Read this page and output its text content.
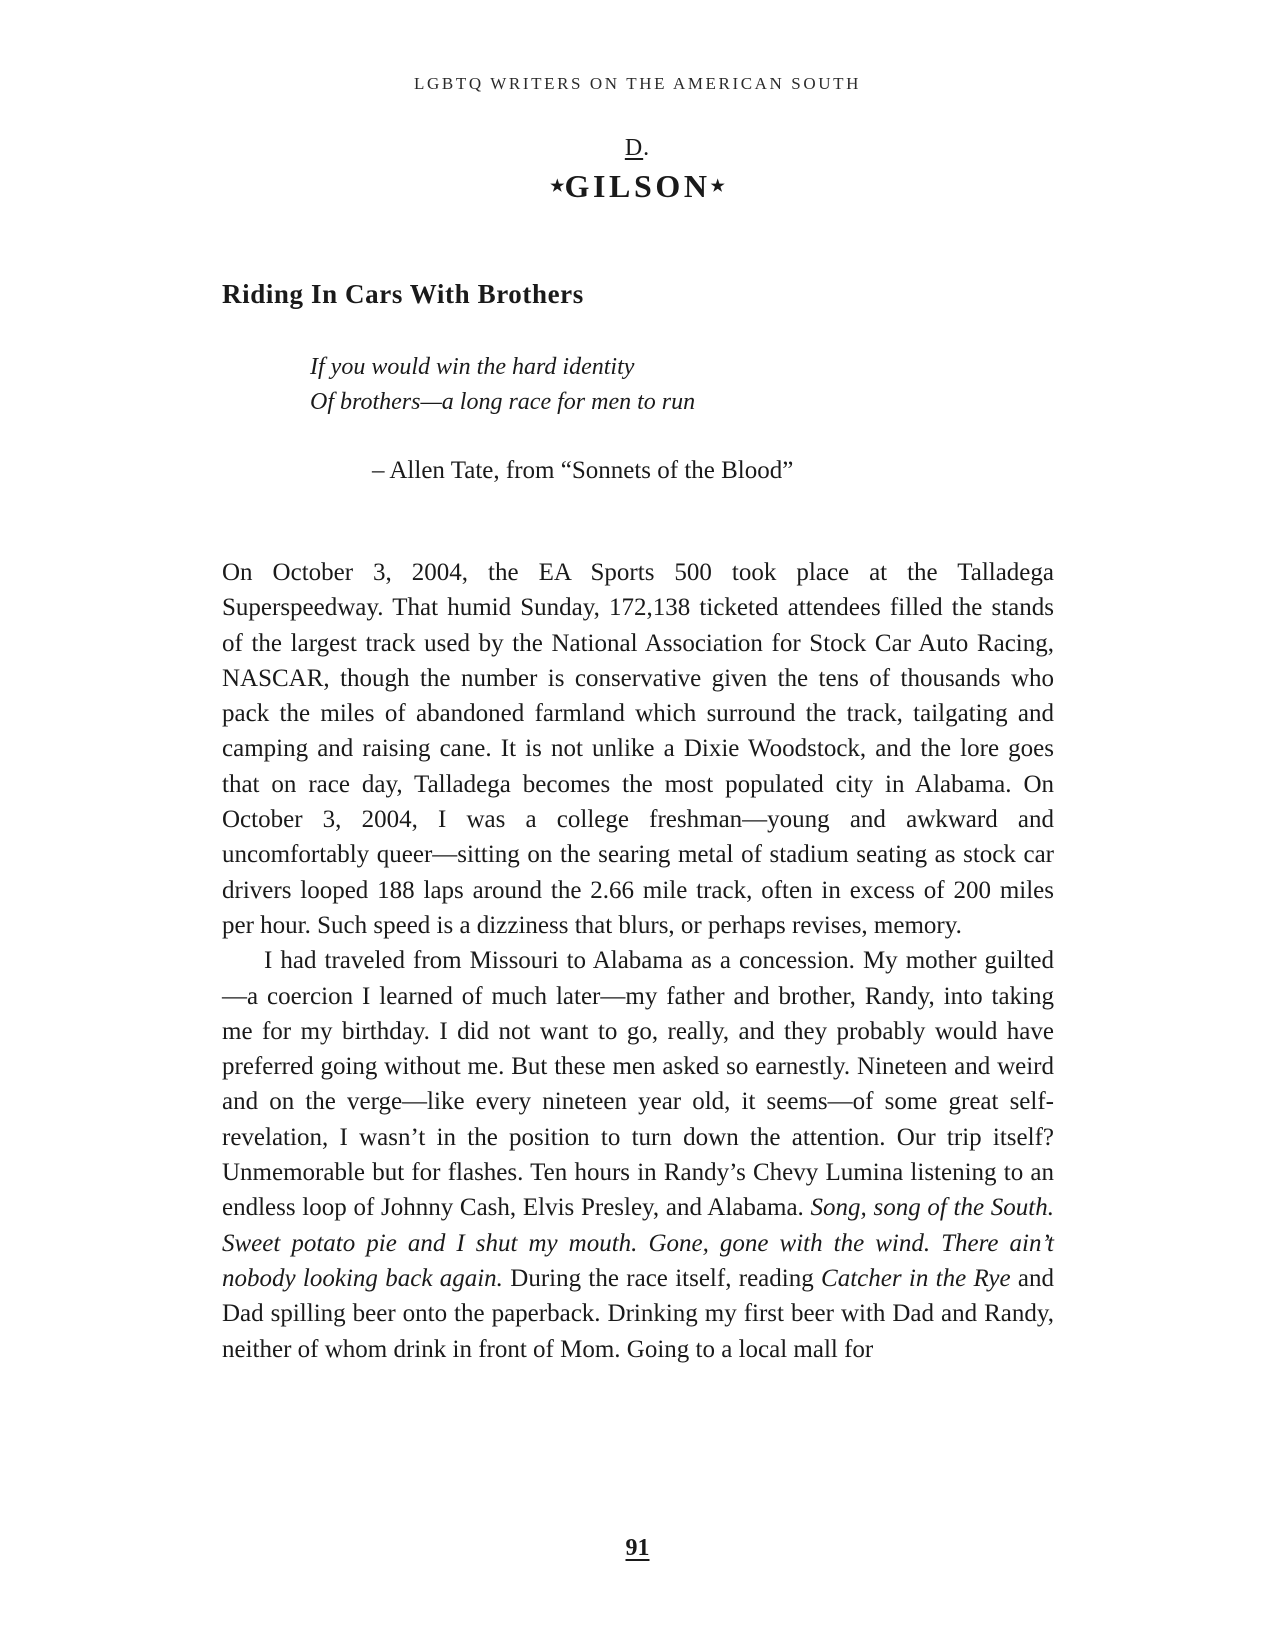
LGBTQ WRITERS ON THE AMERICAN SOUTH
D.
★GILSON★
Riding In Cars With Brothers
If you would win the hard identity
Of brothers—a long race for men to run
– Allen Tate, from “Sonnets of the Blood”

On October 3, 2004, the EA Sports 500 took place at the Talladega Superspeedway. That humid Sunday, 172,138 ticketed attendees filled the stands of the largest track used by the National Association for Stock Car Auto Racing, NASCAR, though the number is conservative given the tens of thousands who pack the miles of abandoned farmland which surround the track, tailgating and camping and raising cane. It is not unlike a Dixie Woodstock, and the lore goes that on race day, Talladega becomes the most populated city in Alabama. On October 3, 2004, I was a college freshman—young and awkward and uncomfortably queer—sitting on the searing metal of stadium seating as stock car drivers looped 188 laps around the 2.66 mile track, often in excess of 200 miles per hour. Such speed is a dizziness that blurs, or perhaps revises, memory.

I had traveled from Missouri to Alabama as a concession. My mother guilted—a coercion I learned of much later—my father and brother, Randy, into taking me for my birthday. I did not want to go, really, and they probably would have preferred going without me. But these men asked so earnestly. Nineteen and weird and on the verge—like every nineteen year old, it seems—of some great self-revelation, I wasn’t in the position to turn down the attention. Our trip itself? Unmemorable but for flashes. Ten hours in Randy’s Chevy Lumina listening to an endless loop of Johnny Cash, Elvis Presley, and Alabama. Song, song of the South. Sweet potato pie and I shut my mouth. Gone, gone with the wind. There ain’t nobody looking back again. During the race itself, reading Catcher in the Rye and Dad spilling beer onto the paperback. Drinking my first beer with Dad and Randy, neither of whom drink in front of Mom. Going to a local mall for

91
